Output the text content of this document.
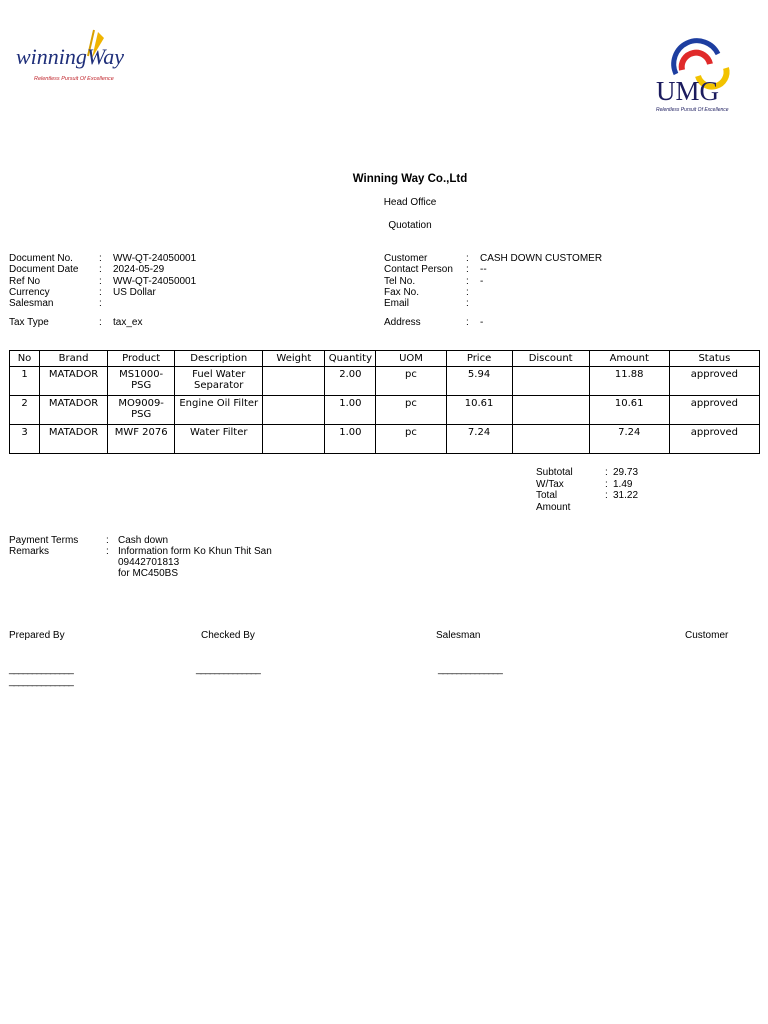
winningWay
Relentless Pursuit Of Excellence	UMG
Relentless Pursuit Of Excellence
Winning Way Co.,Ltd
Head Office
Quotation
Document No.	: WW-QT-24050001
Document Date : 2024-05-29
Ref No	: WW-QT-24050001
Currency	: US Dollar
Salesman	:
Tax Type	: tax_ex
Customer	: CASH DOWN CUSTOMER
Contact Person : --
Tel No.	: -
Fax No.	:
Email	:
Address	: -
No	Brand	Product	Description	Weight	Quantity	UOM	Price	Discount	Amount	Status
1	MATADOR	MS1000-PSG	Fuel Water Separator		2.00	pc	5.94		11.88	approved
2	MATADOR	MO9009-PSG	Engine Oil Filter		1.00	pc	10.61		10.61	approved
3	MATADOR	MWF 2076	Water Filter		1.00	pc	7.24		7.24	approved
Subtotal	: 29.73
W/Tax	: 1.49
Total Amount
: 31.22
Payment Terms	: Cash down
Remarks	: Information form Ko Khun Thit San
09442701813
for MC450BS
Prepared By	Checked By	Salesman	Customer
______________	______________	______________
______________
